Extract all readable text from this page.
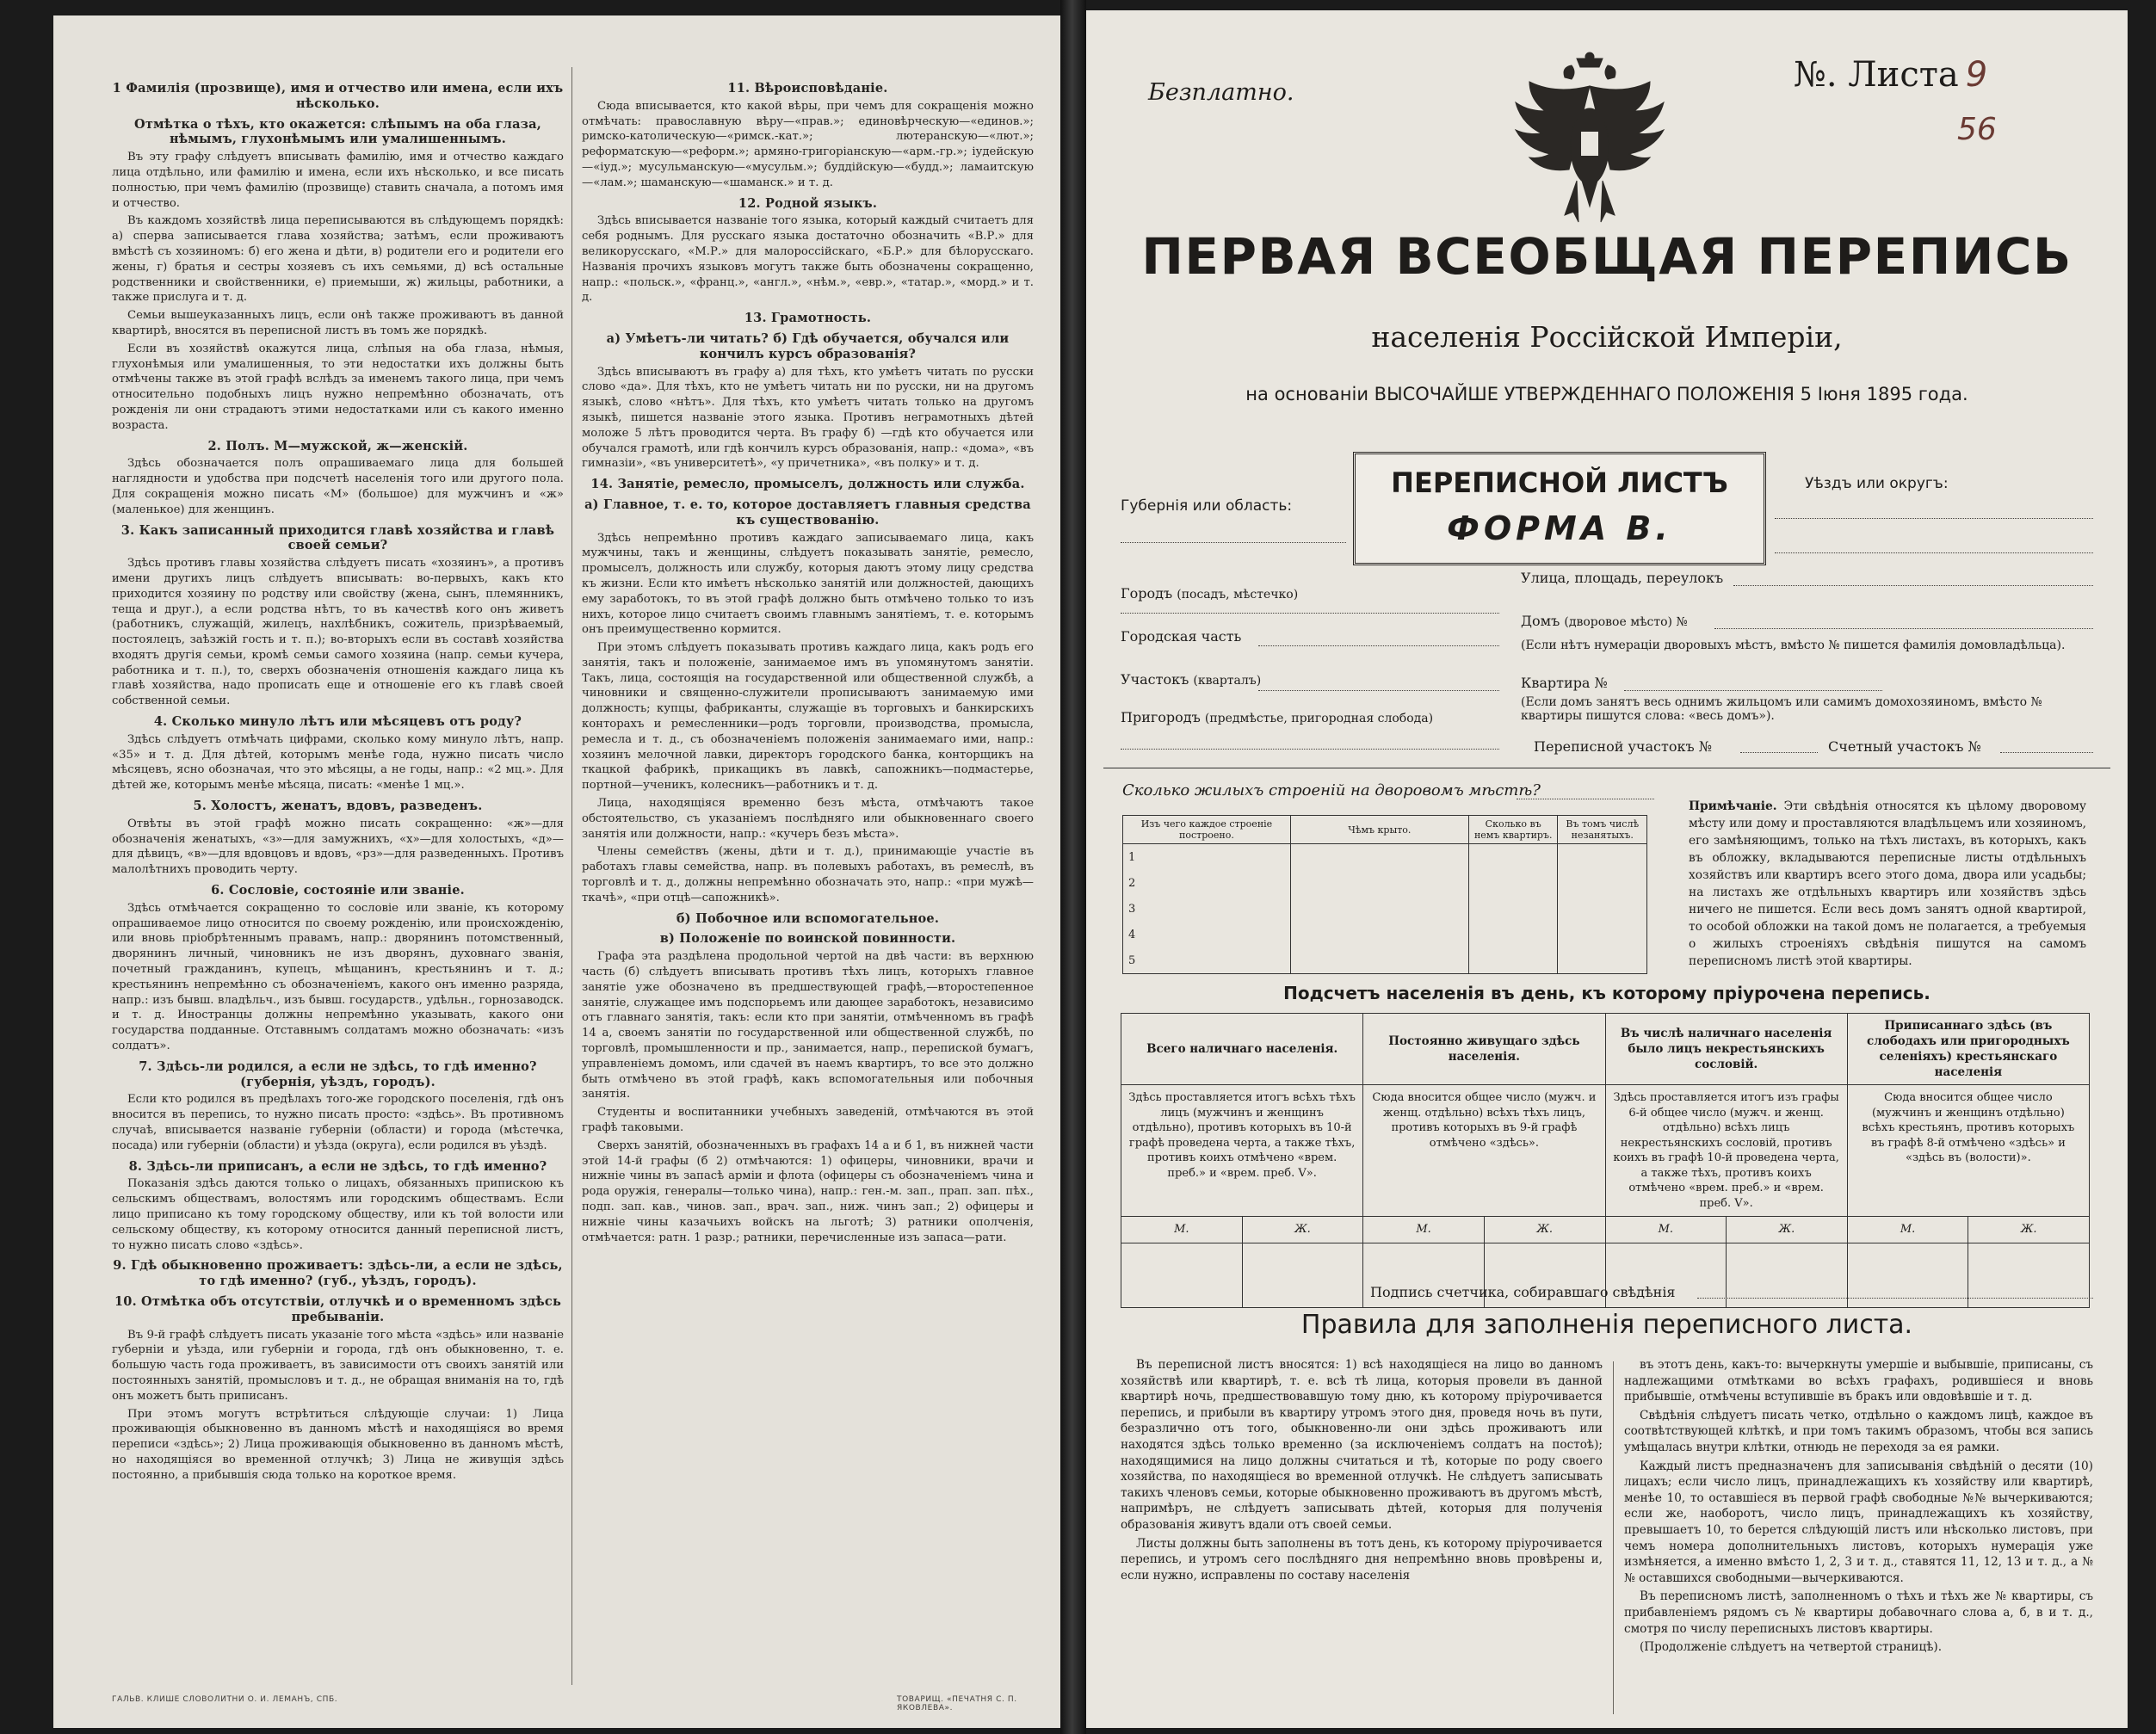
1 Фамилія (прозвище), имя и отчество или имена, если ихъ нѣсколько.
Отмѣтка о тѣхъ, кто окажется: слѣпымъ на оба глаза, нѣмымъ, глухонѣмымъ или умалишеннымъ.

Въ эту графу слѣдуетъ вписывать фамилію, имя и отчество каждаго лица отдѣльно, или фамилію и имена, если ихъ нѣсколько, и все писать полностью, при чемъ фамилію (прозвище) ставить сначала, а потомъ имя и отчество.

Въ каждомъ хозяйствѣ лица переписываются въ слѣдующемъ порядкѣ: а) сперва записывается глава хозяйства; затѣмъ, если проживаютъ вмѣстѣ съ хозяиномъ: б) его жена и дѣти, в) родители его и родители его жены, г) братья и сестры хозяевъ съ ихъ семьями, д) всѣ остальные родственники и свойственники, е) приемыши, ж) жильцы, работники, а также прислуга и т. д.

Семьи вышеуказанныхъ лицъ, если онѣ также проживаютъ въ данной квартирѣ, вносятся въ переписной листъ въ томъ же порядкѣ.

Если въ хозяйствѣ окажутся лица, слѣпыя на оба глаза, нѣмыя, глухонѣмыя или умалишенныя, то эти недостатки ихъ должны быть отмѣчены также въ этой графѣ вслѣдъ за именемъ такого лица, при чемъ относительно подобныхъ лицъ нужно непремѣнно обозначать, отъ рожденія ли они страдаютъ этими недостатками или съ какого именно возраста.

2. Полъ. М—мужской, ж—женскій.

Здѣсь обозначается полъ опрашиваемаго лица для большей наглядности и удобства при подсчетѣ населенія того или другого пола. Для сокращенія можно писать «М» (большое) для мужчинъ и «ж» (маленькое) для женщинъ.

3. Какъ записанный приходится главѣ хозяйства и главѣ своей семьи?

Здѣсь противъ главы хозяйства слѣдуетъ писать «хозяинъ», а противъ имени другихъ лицъ слѣдуетъ вписывать: во-первыхъ, какъ кто приходится хозяину по родству или свойству (жена, сынъ, племянникъ, теща и друг.), а если родства нѣтъ, то въ качествѣ кого онъ живетъ (работникъ, служащій, жилецъ, нахлѣбникъ, сожитель, призрѣваемый, постоялецъ, заѣзжій гость и т. п.); во-вторыхъ если въ составѣ хозяйства входятъ другія семьи, кромѣ семьи самого хозяина (напр. семьи кучера, работника и т. п.), то, сверхъ обозначенія отношенія каждаго лица къ главѣ хозяйства, надо прописать еще и отношеніе его къ главѣ своей собственной семьи.

4. Сколько минуло лѣтъ или мѣсяцевъ отъ роду?

Здѣсь слѣдуетъ отмѣчать цифрами, сколько кому минуло лѣтъ, напр. «35» и т. д. Для дѣтей, которымъ менѣе года, нужно писать число мѣсяцевъ, ясно обозначая, что это мѣсяцы, а не годы, напр.: «2 мц.». Для дѣтей же, которымъ менѣе мѣсяца, писать: «менѣе 1 мц.».

5. Холостъ, женатъ, вдовъ, разведенъ.

Отвѣты въ этой графѣ можно писать сокращенно: «ж»—для обозначенія женатыхъ, «з»—для замужнихъ, «х»—для холостыхъ, «д»—для дѣвицъ, «в»—для вдовцовъ и вдовъ, «рз»—для разведенныхъ. Противъ малолѣтнихъ проводить черту.

6. Сословіе, состояніе или званіе.

Здѣсь отмѣчается сокращенно то сословіе или званіе, къ которому опрашиваемое лицо относится по своему рожденію, или происхожденію, или вновь пріобрѣтеннымъ правамъ, напр.: дворянинъ потомственный, дворянинъ личный, чиновникъ не изъ дворянъ, духовнаго званія, почетный гражданинъ, купецъ, мѣщанинъ, крестьянинъ и т. д.; крестьянинъ непремѣнно съ обозначеніемъ, какого онъ именно разряда, напр.: изъ бывш. владѣльч., изъ бывш. государств., удѣльн., горнозаводск. и т. д. Иностранцы должны непремѣнно указывать, какого они государства подданные. Отставнымъ солдатамъ можно обозначать: «изъ солдатъ».

7. Здѣсь-ли родился, а если не здѣсь, то гдѣ именно? (губернія, уѣздъ, городъ).

Если кто родился въ предѣлахъ того-же городского поселенія, гдѣ онъ вносится въ перепись, то нужно писать просто: «здѣсь». Въ противномъ случаѣ, вписывается названіе губерніи (области) и города (мѣстечка, посада) или губерніи (области) и уѣзда (округа), если родился въ уѣздѣ.

8. Здѣсь-ли приписанъ, а если не здѣсь, то гдѣ именно?

Показанія здѣсь даются только о лицахъ, обязанныхъ припискою къ сельскимъ обществамъ, волостямъ или городскимъ обществамъ. Если лицо приписано къ тому городскому обществу, или къ той волости или сельскому обществу, къ которому относится данный переписной листъ, то нужно писать слово «здѣсь».

9. Гдѣ обыкновенно проживаетъ: здѣсь-ли, а если не здѣсь, то гдѣ именно? (губ., уѣздъ, городъ).
10. Отмѣтка объ отсутствіи, отлучкѣ и о временномъ здѣсь пребываніи.

Въ 9-й графѣ слѣдуетъ писать указаніе того мѣста «здѣсь» или названіе губерніи и уѣзда, или губерніи и города, гдѣ онъ обыкновенно, т. е. большую часть года проживаетъ, въ зависимости отъ своихъ занятій или постоянныхъ занятій, промысловъ и т. д., не обращая вниманія на то, гдѣ онъ можетъ быть приписанъ.

При этомъ могутъ встрѣтиться слѣдующіе случаи: 1) Лица проживающія обыкновенно въ данномъ мѣстѣ и находящіяся во время переписи «здѣсь»; 2) Лица проживающія обыкновенно въ данномъ мѣстѣ, но находящіяся во временной отлучкѣ; 3) Лица не живущія здѣсь постоянно, а прибывшія сюда только на короткое время.

11. Вѣроисповѣданіе.

Сюда вписывается, кто какой вѣры, при чемъ для сокращенія можно отмѣчать: православную вѣру—«прав.»; единовѣрческую—«единов.»; римско-католическую—«римск.-кат.»; лютеранскую—«лют.»; реформатскую—«реформ.»; армяно-григоріанскую—«арм.-гр.»; іудейскую—«іуд.»; мусульманскую—«мусульм.»; буддійскую—«будд.»; ламаитскую—«лам.»; шаманскую—«шаманск.» и т. д.

12. Родной языкъ.

Здѣсь вписывается названіе того языка, который каждый считаетъ для себя роднымъ. Для русскаго языка достаточно обозначить «В.Р.» для великорусскаго, «М.Р.» для малороссійскаго, «Б.Р.» для бѣлорусскаго. Названія прочихъ языковъ могутъ также быть обозначены сокращенно, напр.: «польск.», «франц.», «англ.», «нѣм.», «евр.», «татар.», «морд.» и т. д.

13. Грамотность.
а) Умѣетъ-ли читать? б) Гдѣ обучается, обучался или кончилъ курсъ образованія?

Здѣсь вписываютъ въ графу а) для тѣхъ, кто умѣетъ читать по русски слово «да». Для тѣхъ, кто не умѣетъ читать ни по русски, ни на другомъ языкѣ, слово «нѣтъ». Для тѣхъ, кто умѣетъ читать только на другомъ языкѣ, пишется названіе этого языка. Противъ неграмотныхъ дѣтей моложе 5 лѣтъ проводится черта. Въ графу б) —гдѣ кто обучается или обучался грамотѣ, или гдѣ кончилъ курсъ образованія, напр.: «дома», «въ гимназіи», «въ университетѣ», «у причетника», «въ полку» и т. д.

14. Занятіе, ремесло, промыселъ, должность или служба.
а) Главное, т. е. то, которое доставляетъ главныя средства къ существованію.

Здѣсь непремѣнно противъ каждаго записываемаго лица, какъ мужчины, такъ и женщины, слѣдуетъ показывать занятіе, ремесло, промыселъ, должность или службу, которыя даютъ этому лицу средства къ жизни. Если кто имѣетъ нѣсколько занятій или должностей, дающихъ ему заработокъ, то въ этой графѣ должно быть отмѣчено только то изъ нихъ, которое лицо считаетъ своимъ главнымъ занятіемъ, т. е. которымъ онъ преимущественно кормится.

При этомъ слѣдуетъ показывать противъ каждаго лица, какъ родъ его занятія, такъ и положеніе, занимаемое имъ въ упомянутомъ занятіи. Такъ, лица, состоящія на государственной или общественной службѣ, а чиновники и священно-служители прописываютъ занимаемую ими должность; купцы, фабриканты, служащіе въ торговыхъ и банкирскихъ конторахъ и ремесленники—родъ торговли, производства, промысла, ремесла и т. д., съ обозначеніемъ положенія занимаемаго ими, напр.: хозяинъ мелочной лавки, директоръ городского банка, конторщикъ на ткацкой фабрикѣ, прикащикъ въ лавкѣ, сапожникъ—подмастерье, портной—ученикъ, колесникъ—работникъ и т. д.

Лица, находящіяся временно безъ мѣста, отмѣчаютъ такое обстоятельство, съ указаніемъ послѣдняго или обыкновеннаго своего занятія или должности, напр.: «кучеръ безъ мѣста».

Члены семействъ (жены, дѣти и т. д.), принимающіе участіе въ работахъ главы семейства, напр. въ полевыхъ работахъ, въ ремеслѣ, въ торговлѣ и т. д., должны непремѣнно обозначать это, напр.: «при мужѣ—ткачѣ», «при отцѣ—сапожникѣ».

б) Побочное или вспомогательное.
в) Положеніе по воинской повинности.

Графа эта раздѣлена продольной чертой на двѣ части: въ верхнюю часть (б) слѣдуетъ вписывать противъ тѣхъ лицъ, которыхъ главное занятіе уже обозначено въ предшествующей графѣ,—второстепенное занятіе, служащее имъ подспорьемъ или дающее заработокъ, независимо отъ главнаго занятія, такъ: если кто при занятіи, отмѣченномъ въ графѣ 14 а, своемъ занятіи по государственной или общественной службѣ, по торговлѣ, промышленности и пр., занимается, напр., перепиской бумагъ, управленіемъ домомъ, или сдачей въ наемъ квартиръ, то все это должно быть отмѣчено въ этой графѣ, какъ вспомогательныя или побочныя занятія.

Студенты и воспитанники учебныхъ заведеній, отмѣчаются въ этой графѣ таковыми.

Сверхъ занятій, обозначенныхъ въ графахъ 14 а и б 1, въ нижней части этой 14-й графы (б 2) отмѣчаются: 1) офицеры, чиновники, врачи и нижніе чины въ запасѣ арміи и флота (офицеры съ обозначеніемъ чина и рода оружія, генералы—только чина), напр.: ген.-м. зап., прап. зап. пѣх., подп. зап. кав., чинов. зап., врач. зап., ниж. чинъ зап.; 2) офицеры и нижніе чины казачьихъ войскъ на льготѣ; 3) ратники ополченія, отмѣчается: ратн. 1 разр.; ратники, перечисленные изъ запаса—рати.

ГАЛЬВ. КЛИШЕ СЛОВОЛИТНИ О. И. ЛЕМАНЪ, СПБ.	ТОВАРИЩ. «ПЕЧАТНЯ С. П. ЯКОВЛЕВА».
Безплатно.	№. Листа 9
56
ПЕРВАЯ ВСЕОБЩАЯ ПЕРЕПИСЬ
населенія Россійской Имперіи,
на основаніи ВЫСОЧАЙШЕ УТВЕРЖДЕННАГО ПОЛОЖЕНІЯ 5 Іюня 1895 года.
Губернія или область:
Уѣздъ или округъ:
ПЕРЕПИСНОЙ ЛИСТЪ
ФОРМА В.
Городъ (посадъ, мѣстечко)
Городская часть
Участокъ (кварталъ)
Пригородъ (предмѣстье, пригородная слобода)
Улица, площадь, переулокъ
Домъ (дворовое мѣсто) №
(Если нѣтъ нумераціи дворовыхъ мѣстъ, вмѣсто № пишется фамилія домовладѣльца).
Квартира №
(Если домъ занятъ весь однимъ жильцомъ или самимъ домохозяиномъ, вмѣсто № квартиры пишутся слова: «весь домъ»).
Переписной участокъ №	Счетный участокъ №
Сколько жилыхъ строеній на дворовомъ мѣстѣ?
Изъ чего каждое строеніе построено.	Чѣмъ крыто.	Сколько въ немъ квартиръ.	Въ томъ числѣ незанятыхъ.
1			
2			
3			
4			
5			
Примѣчаніе. Эти свѣдѣнія относятся къ цѣлому дворовому мѣсту или дому и проставляются владѣльцемъ или хозяиномъ, его замѣняющимъ, только на тѣхъ листахъ, въ которыхъ, какъ въ обложку, вкладываются переписные листы отдѣльныхъ хозяйствъ или квартиръ всего этого дома, двора или усадьбы; на листахъ же отдѣльныхъ квартиръ или хозяйствъ здѣсь ничего не пишется. Если весь домъ занятъ одной квартирой, то особой обложки на такой домъ не полагается, а требуемыя о жилыхъ строеніяхъ свѣдѣнія пишутся на самомъ переписномъ листѣ этой квартиры.
Подсчетъ населенія въ день, къ которому пріурочена перепись.
Всего наличнаго населенія.		Постоянно живущаго здѣсь населенія.		Въ числѣ наличнаго населенія было лицъ некрестьянскихъ сословій.		Приписаннаго здѣсь (въ слободахъ или пригородныхъ селеніяхъ) крестьянскаго населенія	
Здѣсь проставляется итогъ всѣхъ тѣхъ лицъ (мужчинъ и женщинъ отдѣльно), противъ которыхъ въ 10-й графѣ проведена черта, а также тѣхъ, противъ коихъ отмѣчено «врем. преб.» и «врем. преб. V».		Сюда вносится общее число (мужч. и женщ. отдѣльно) всѣхъ тѣхъ лицъ, противъ которыхъ въ 9-й графѣ отмѣчено «здѣсь».		Здѣсь проставляется итогъ изъ графы 6-й общее число (мужч. и женщ. отдѣльно) всѣхъ лицъ некрестьянскихъ сословій, противъ коихъ въ графѣ 10-й проведена черта, а также тѣхъ, противъ коихъ отмѣчено «врем. преб.» и «врем. преб. V».		Сюда вносится общее число (мужчинъ и женщинъ отдѣльно) всѣхъ крестьянъ, противъ которыхъ въ графѣ 8-й отмѣчено «здѣсь» и «здѣсь въ (волости)».	
М.	Ж.	М.	Ж.	М.	Ж.	М.	Ж.

Подпись счетчика, собиравшаго свѣдѣнія
Правила для заполненія переписного листа.

Въ переписной листъ вносятся: 1) всѣ находящіеся на лицо во данномъ хозяйствѣ или квартирѣ, т. е. всѣ тѣ лица, которыя провели въ данной квартирѣ ночь, предшествовавшую тому дню, къ которому пріурочивается перепись, и прибыли въ квартиру утромъ этого дня, проведя ночь въ пути, безразлично отъ того, обыкновенно-ли они здѣсь проживаютъ или находятся здѣсь только временно (за исключеніемъ солдатъ на постоѣ); находящимися на лицо должны считаться и тѣ, которые по роду своего хозяйства, по находящіеся во временной отлучкѣ. Не слѣдуетъ записывать такихъ членовъ семьи, которые обыкновенно проживаютъ въ другомъ мѣстѣ, напримѣръ, не слѣдуетъ записывать дѣтей, которыя для полученія образованія живутъ вдали отъ своей семьи.

Листы должны быть заполнены въ тотъ день, къ которому пріурочивается перепись, и утромъ сего послѣдняго дня непремѣнно вновь провѣрены и, если нужно, исправлены по составу населенія

въ этотъ день, какъ-то: вычеркнуты умершіе и выбывшіе, приписаны, съ надлежащими отмѣтками во всѣхъ графахъ, родившіеся и вновь прибывшіе, отмѣчены вступившіе въ бракъ или овдовѣвшіе и т. д.

Свѣдѣнія слѣдуетъ писать четко, отдѣльно о каждомъ лицѣ, каждое въ соотвѣтствующей клѣткѣ, и при томъ такимъ образомъ, чтобы вся запись умѣщалась внутри клѣтки, отнюдь не переходя за ея рамки.

Каждый листъ предназначенъ для записыванія свѣдѣній о десяти (10) лицахъ; если число лицъ, принадлежащихъ къ хозяйству или квартирѣ, менѣе 10, то оставшіеся въ первой графѣ свободные №№ вычеркиваются; если же, наоборотъ, число лицъ, принадлежащихъ къ хозяйству, превышаетъ 10, то берется слѣдующій листъ или нѣсколько листовъ, при чемъ номера дополнительныхъ листовъ, которыхъ нумерація уже измѣняется, а именно вмѣсто 1, 2, 3 и т. д., ставятся 11, 12, 13 и т. д., а №№ оставшихся свободными—вычеркиваются.

Въ переписномъ листѣ, заполненномъ о тѣхъ и тѣхъ же № квартиры, съ прибавленіемъ рядомъ съ № квартиры добавочнаго слова а, б, в и т. д., смотря по числу переписныхъ листовъ квартиры.

(Продолженіе слѣдуетъ на четвертой страницѣ).
